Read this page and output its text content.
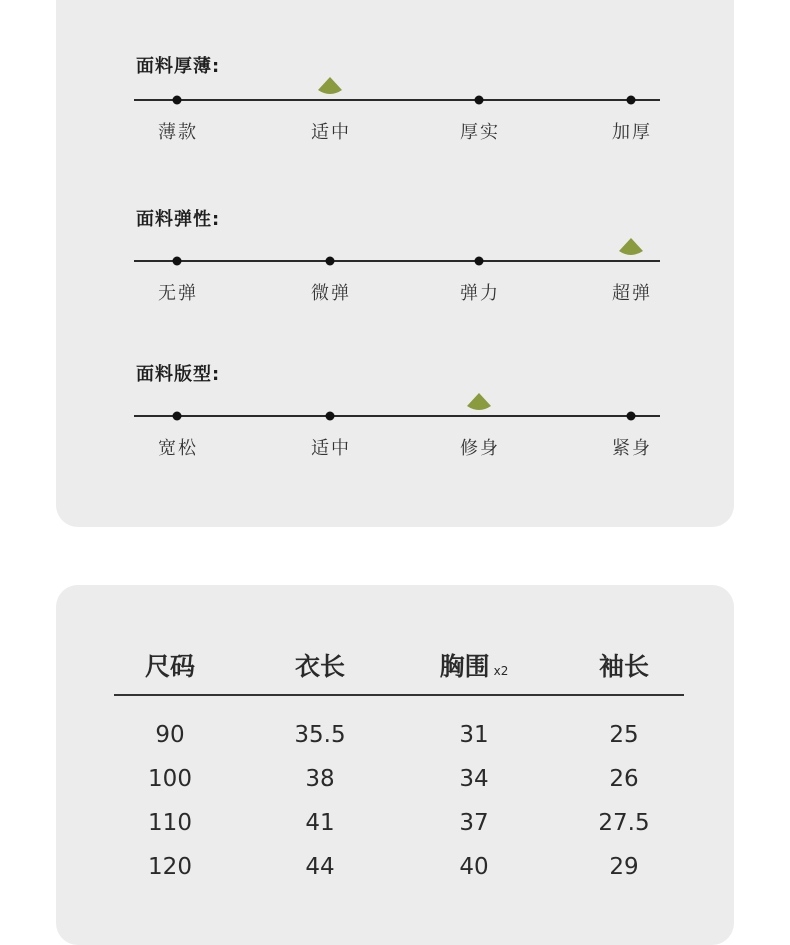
面料厚薄:
薄款	适中	厚实	加厚
面料弹性:
无弹	微弹	弹力	超弹
面料版型:
宽松	适中	修身	紧身
尺码	衣长	胸围 x2	袖长
90	35.5	31	25
100	38	34	26
110	41	37	27.5
120	44	40	29
